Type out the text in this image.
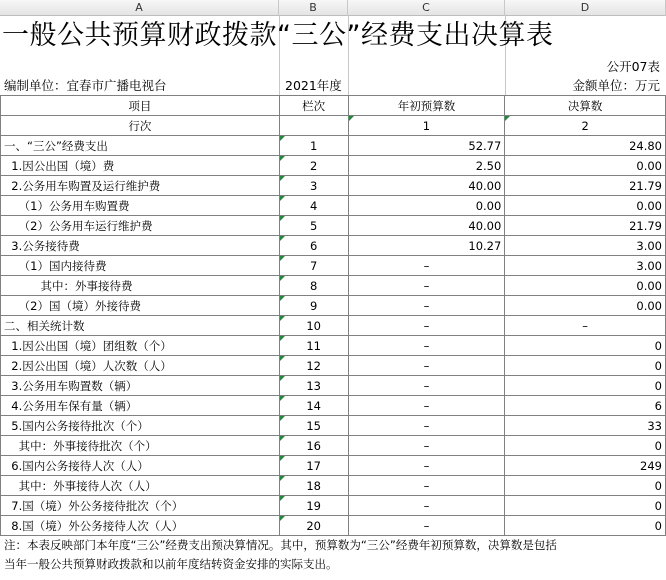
A	B	C	D
一般公共预算财政拨款“三公”经费支出决算表
公开07表
编制单位：宜春市广播电视台	2021年度	金额单位：万元
项目	栏次	年初预算数	决算数
行次		1	2
一、“三公”经费支出	1	52.77	24.80
1.因公出国（境）费	2	2.50	0.00
2.公务用车购置及运行维护费	3	40.00	21.79
（1）公务用车购置费	4	0.00	0.00
（2）公务用车运行维护费	5	40.00	21.79
3.公务接待费	6	10.27	3.00
（1）国内接待费	7	–	3.00
其中：外事接待费	8	–	0.00
（2）国（境）外接待费	9	–	0.00
二、相关统计数	10	–	–
1.因公出国（境）团组数（个）	11	–	0
2.因公出国（境）人次数（人）	12	–	0
3.公务用车购置数（辆）	13	–	0
4.公务用车保有量（辆）	14	–	6
5.国内公务接待批次（个）	15	–	33
其中：外事接待批次（个）	16	–	0
6.国内公务接待人次（人）	17	–	249
其中：外事接待人次（人）	18	–	0
7.国（境）外公务接待批次（个）	19	–	0
8.国（境）外公务接待人次（人）	20	–	0
注：本表反映部门本年度“三公”经费支出预决算情况。其中，预算数为“三公”经费年初预算数，决算数是包括
当年一般公共预算财政拨款和以前年度结转资金安排的实际支出。
